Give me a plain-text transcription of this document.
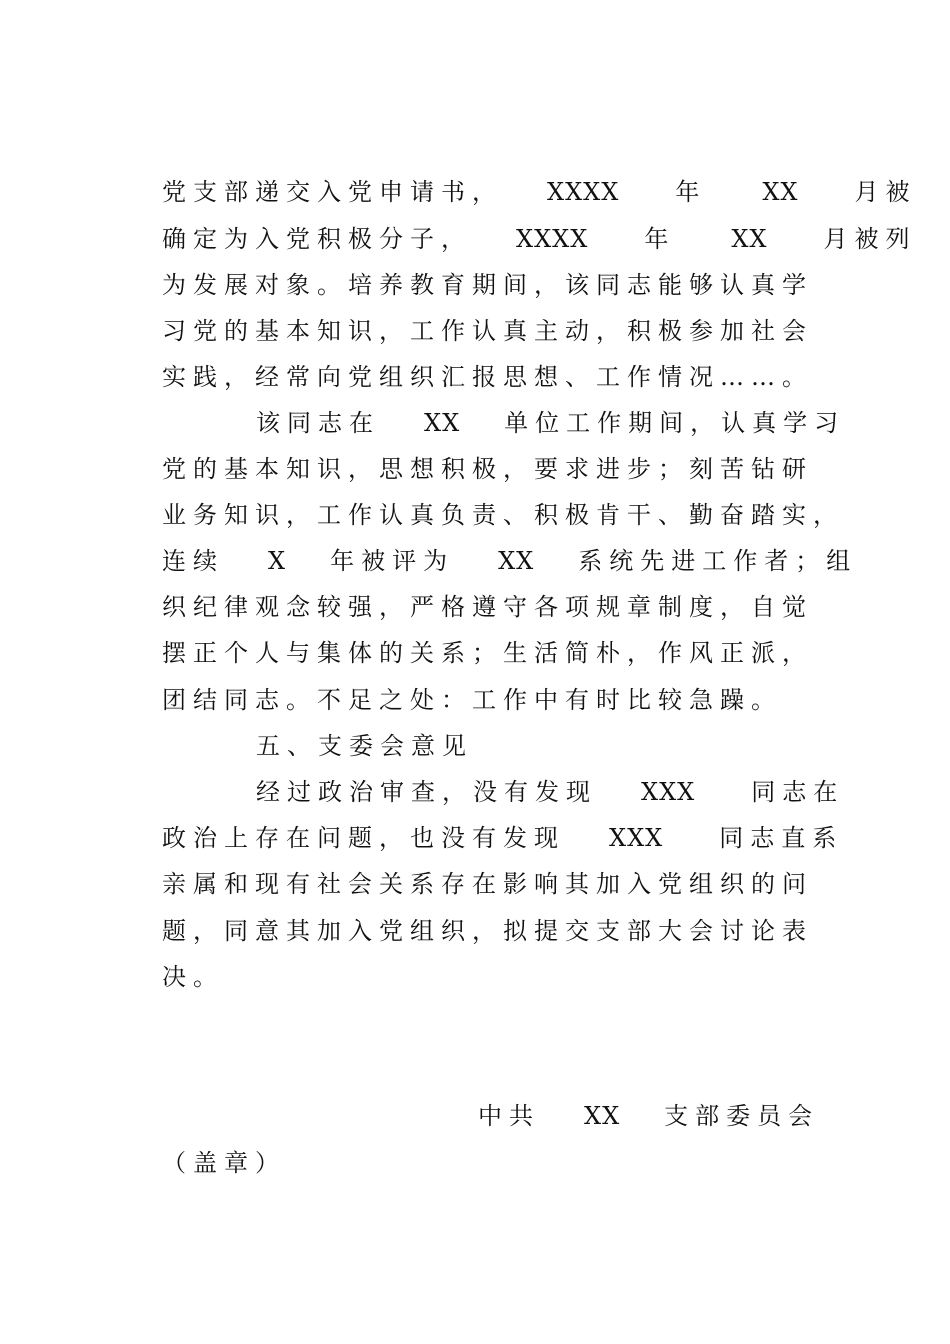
党支部递交入党申请书， XXXX 年 XX 月被
确定为入党积极分子， XXXX 年 XX 月被列
为发展对象。培养教育期间，该同志能够认真学
习党的基本知识，工作认真主动，积极参加社会
实践，经常向党组织汇报思想、工作情况……。
该同志在 XX 单位工作期间，认真学习
党的基本知识，思想积极，要求进步；刻苦钻研
业务知识，工作认真负责、积极肯干、勤奋踏实，
连续 X 年被评为 XX 系统先进工作者；组
织纪律观念较强，严格遵守各项规章制度，自觉
摆正个人与集体的关系；生活简朴，作风正派，
团结同志。不足之处：工作中有时比较急躁。
五、支委会意见
经过政治审查，没有发现 XXX 同志在
政治上存在问题，也没有发现 XXX 同志直系
亲属和现有社会关系存在影响其加入党组织的问
题，同意其加入党组织，拟提交支部大会讨论表
决。
中共 XX 支部委员会
（盖章）
